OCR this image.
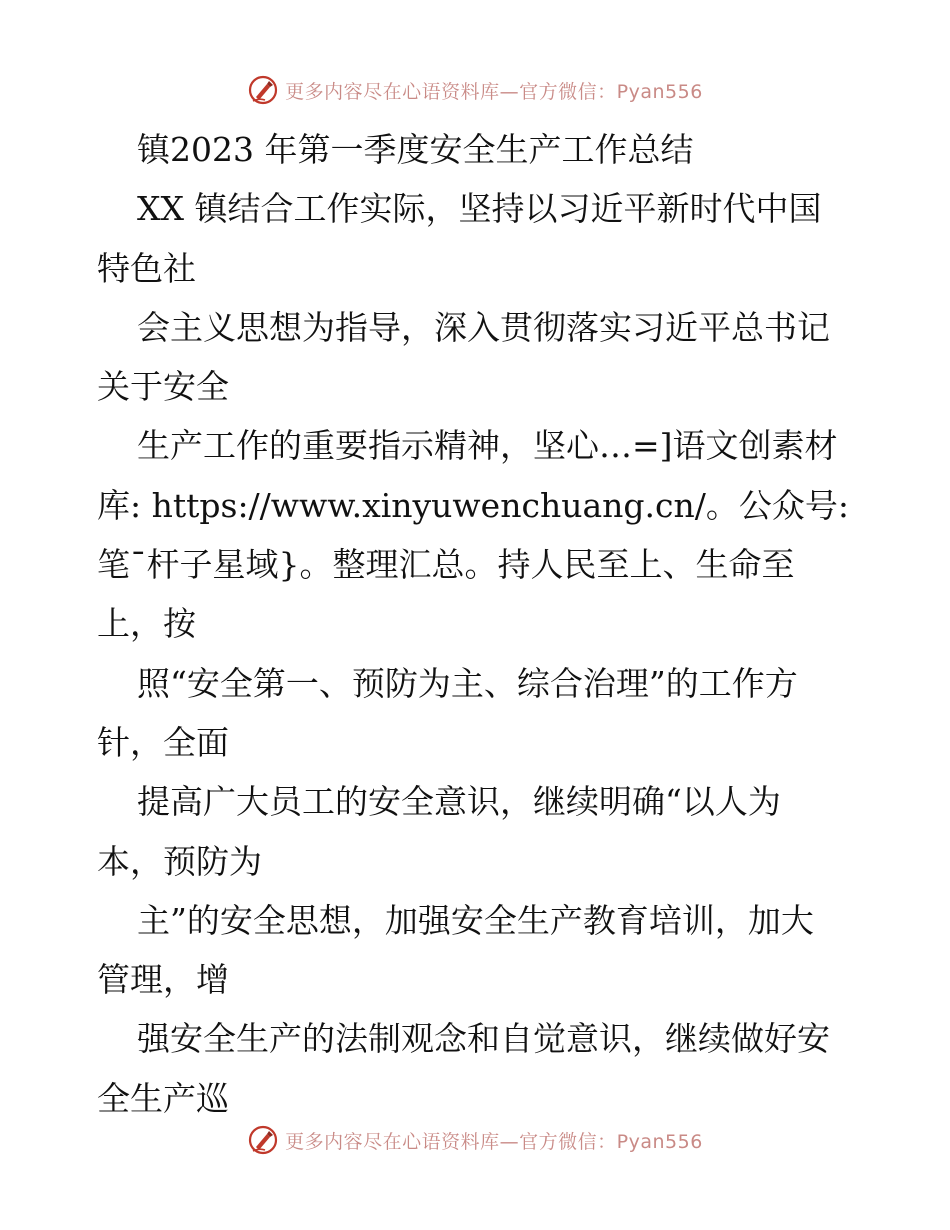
更多内容尽在心语资料库—官方微信：Pyan556
镇2023 年第一季度安全生产工作总结
XX 镇结合工作实际，坚持以习近平新时代中国
特色社
会主义思想为指导，深入贯彻落实习近平总书记
关于安全
生产工作的重要指示精神，坚心…=]语文创素材
库: https://www.xinyuwenchuang.cn/。公众号:
笔¯杆子星域}。整理汇总。持人民至上、生命至
上，按
照“安全第一、预防为主、综合治理”的工作方
针，全面
提高广大员工的安全意识，继续明确“以人为
本，预防为
主”的安全思想，加强安全生产教育培训，加大
管理，增
强安全生产的法制观念和自觉意识，继续做好安
全生产巡
更多内容尽在心语资料库—官方微信：Pyan556
